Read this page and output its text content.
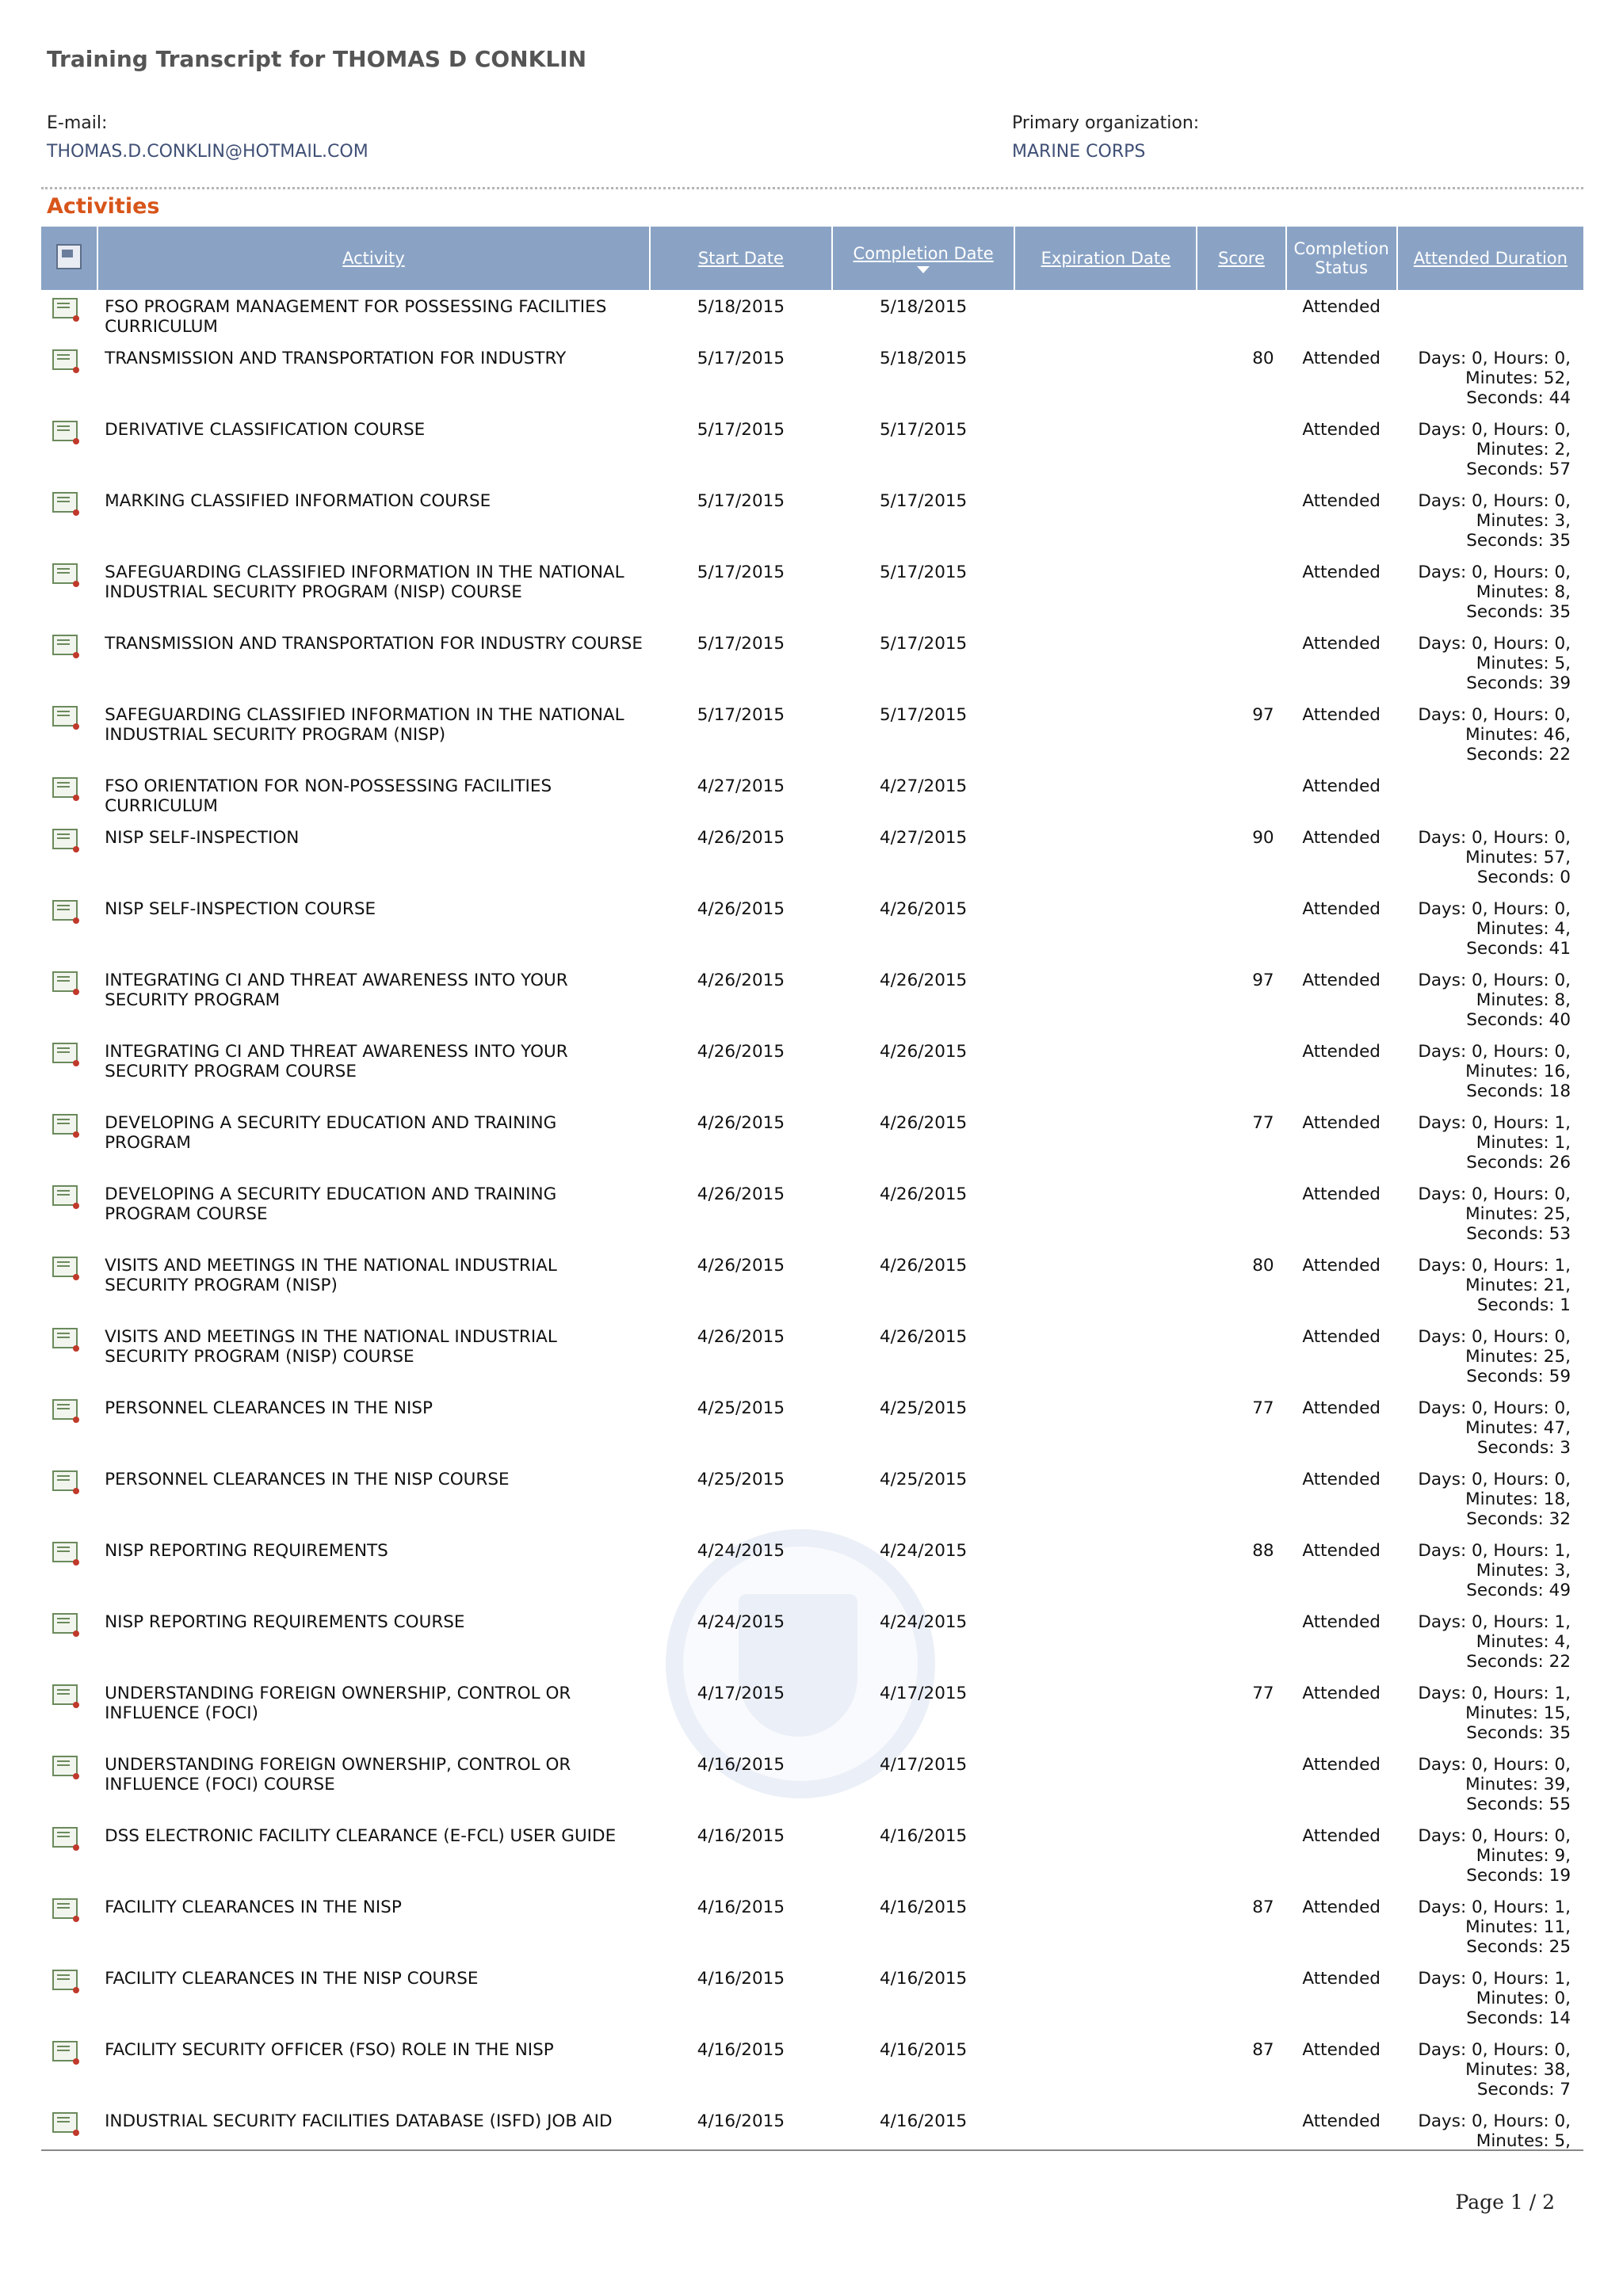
Training Transcript for THOMAS D CONKLIN
E-mail:
THOMAS.D.CONKLIN@HOTMAIL.COM
Primary organization:
MARINE CORPS
Activities
	Activity	Start Date	Completion Date	Expiration Date	Score	Completion Status	Attended Duration
	FSO PROGRAM MANAGEMENT FOR POSSESSING FACILITIES CURRICULUM	5/18/2015	5/18/2015			Attended	
	TRANSMISSION AND TRANSPORTATION FOR INDUSTRY	5/17/2015	5/18/2015		80	Attended	Days: 0, Hours: 0, Minutes: 52, Seconds: 44
	DERIVATIVE CLASSIFICATION COURSE	5/17/2015	5/17/2015			Attended	Days: 0, Hours: 0, Minutes: 2, Seconds: 57
	MARKING CLASSIFIED INFORMATION COURSE	5/17/2015	5/17/2015			Attended	Days: 0, Hours: 0, Minutes: 3, Seconds: 35
	SAFEGUARDING CLASSIFIED INFORMATION IN THE NATIONAL INDUSTRIAL SECURITY PROGRAM (NISP) COURSE	5/17/2015	5/17/2015			Attended	Days: 0, Hours: 0, Minutes: 8, Seconds: 35
	TRANSMISSION AND TRANSPORTATION FOR INDUSTRY COURSE	5/17/2015	5/17/2015			Attended	Days: 0, Hours: 0, Minutes: 5, Seconds: 39
	SAFEGUARDING CLASSIFIED INFORMATION IN THE NATIONAL INDUSTRIAL SECURITY PROGRAM (NISP)	5/17/2015	5/17/2015		97	Attended	Days: 0, Hours: 0, Minutes: 46, Seconds: 22
	FSO ORIENTATION FOR NON-POSSESSING FACILITIES CURRICULUM	4/27/2015	4/27/2015			Attended	
	NISP SELF-INSPECTION	4/26/2015	4/27/2015		90	Attended	Days: 0, Hours: 0, Minutes: 57, Seconds: 0
	NISP SELF-INSPECTION COURSE	4/26/2015	4/26/2015			Attended	Days: 0, Hours: 0, Minutes: 4, Seconds: 41
	INTEGRATING CI AND THREAT AWARENESS INTO YOUR SECURITY PROGRAM	4/26/2015	4/26/2015		97	Attended	Days: 0, Hours: 0, Minutes: 8, Seconds: 40
	INTEGRATING CI AND THREAT AWARENESS INTO YOUR SECURITY PROGRAM COURSE	4/26/2015	4/26/2015			Attended	Days: 0, Hours: 0, Minutes: 16, Seconds: 18
	DEVELOPING A SECURITY EDUCATION AND TRAINING PROGRAM	4/26/2015	4/26/2015		77	Attended	Days: 0, Hours: 1, Minutes: 1, Seconds: 26
	DEVELOPING A SECURITY EDUCATION AND TRAINING PROGRAM COURSE	4/26/2015	4/26/2015			Attended	Days: 0, Hours: 0, Minutes: 25, Seconds: 53
	VISITS AND MEETINGS IN THE NATIONAL INDUSTRIAL SECURITY PROGRAM (NISP)	4/26/2015	4/26/2015		80	Attended	Days: 0, Hours: 1, Minutes: 21, Seconds: 1
	VISITS AND MEETINGS IN THE NATIONAL INDUSTRIAL SECURITY PROGRAM (NISP) COURSE	4/26/2015	4/26/2015			Attended	Days: 0, Hours: 0, Minutes: 25, Seconds: 59
	PERSONNEL CLEARANCES IN THE NISP	4/25/2015	4/25/2015		77	Attended	Days: 0, Hours: 0, Minutes: 47, Seconds: 3
	PERSONNEL CLEARANCES IN THE NISP COURSE	4/25/2015	4/25/2015			Attended	Days: 0, Hours: 0, Minutes: 18, Seconds: 32
	NISP REPORTING REQUIREMENTS	4/24/2015	4/24/2015		88	Attended	Days: 0, Hours: 1, Minutes: 3, Seconds: 49
	NISP REPORTING REQUIREMENTS COURSE	4/24/2015	4/24/2015			Attended	Days: 0, Hours: 1, Minutes: 4, Seconds: 22
	UNDERSTANDING FOREIGN OWNERSHIP, CONTROL OR INFLUENCE (FOCI)	4/17/2015	4/17/2015		77	Attended	Days: 0, Hours: 1, Minutes: 15, Seconds: 35
	UNDERSTANDING FOREIGN OWNERSHIP, CONTROL OR INFLUENCE (FOCI) COURSE	4/16/2015	4/17/2015			Attended	Days: 0, Hours: 0, Minutes: 39, Seconds: 55
	DSS ELECTRONIC FACILITY CLEARANCE (E-FCL) USER GUIDE	4/16/2015	4/16/2015			Attended	Days: 0, Hours: 0, Minutes: 9, Seconds: 19
	FACILITY CLEARANCES IN THE NISP	4/16/2015	4/16/2015		87	Attended	Days: 0, Hours: 1, Minutes: 11, Seconds: 25
	FACILITY CLEARANCES IN THE NISP COURSE	4/16/2015	4/16/2015			Attended	Days: 0, Hours: 1, Minutes: 0, Seconds: 14
	FACILITY SECURITY OFFICER (FSO) ROLE IN THE NISP	4/16/2015	4/16/2015		87	Attended	Days: 0, Hours: 0, Minutes: 38, Seconds: 7
	INDUSTRIAL SECURITY FACILITIES DATABASE (ISFD) JOB AID	4/16/2015	4/16/2015			Attended	Days: 0, Hours: 0, Minutes: 5,
Page 1 / 2
